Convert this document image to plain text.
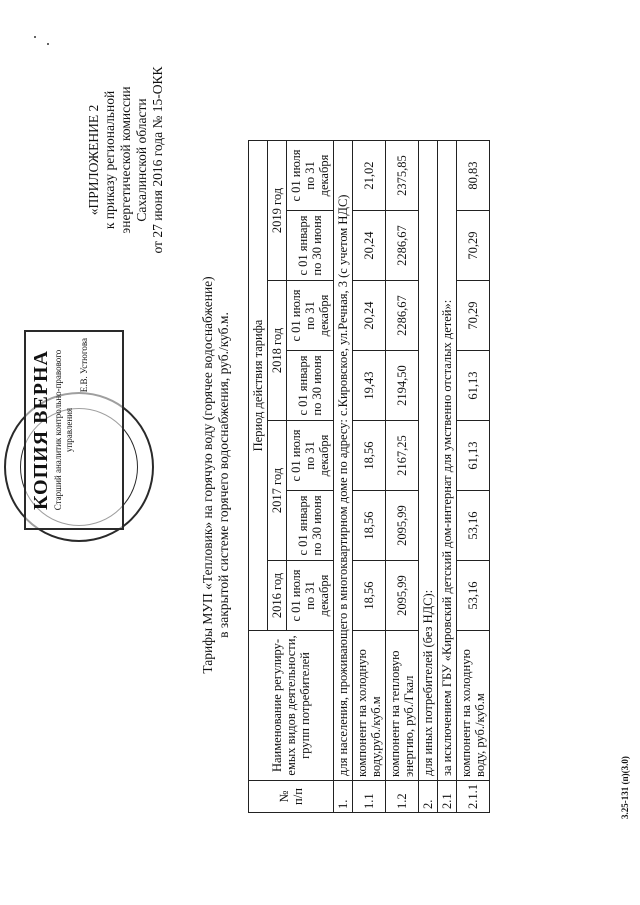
«ПРИЛОЖЕНИЕ 2 к приказу региональной энергетической комиссии Сахалинской области от 27 июня 2016 года № 15-ОКК
Тарифы МУП «Тепловик» на горячую воду (горячее водоснабжение) в закрытой системе горячего водоснабжения, руб./куб.м.
№ п/п	Наименование регулиру- емых видов деятельности, групп потребителей	Период действия тарифа						
		2016 год	2017 год		2018 год		2019 год	
		с 01 июля по 31 декабря	с 01 января по 30 июня	с 01 июля по 31 декабря	с 01 января по 30 июня	с 01 июля по 31 декабря	с 01 января по 30 июня	с 01 июля по 31 декабря
1.	для населения, проживающего в многоквартирном доме по адресу: с.Кировское, ул.Речная, 3 (с учетом НДС)							
1.1	компонент на холодную воду,руб./куб.м	18,56	18,56	18,56	19,43	20,24	20,24	21,02
1.2	компонент на тепловую энергию, руб./Гкал	2095,99	2095,99	2167,25	2194,50	2286,67	2286,67	2375,85
2.	для иных потребителей (без НДС):							
2.1	за исключением ГБУ «Кировский детский дом-интернат для умственно отсталых детей»:							
2.1.1	компонент на холодную воду, руб./куб.м	53,16	53,16	61,13	61,13	70,29	70,29	80,83
3.25-131 (п)(3.0)
КОПИЯ ВЕРНА Старший аналитик контрольно-правового управления
Е.В. Устюгова
